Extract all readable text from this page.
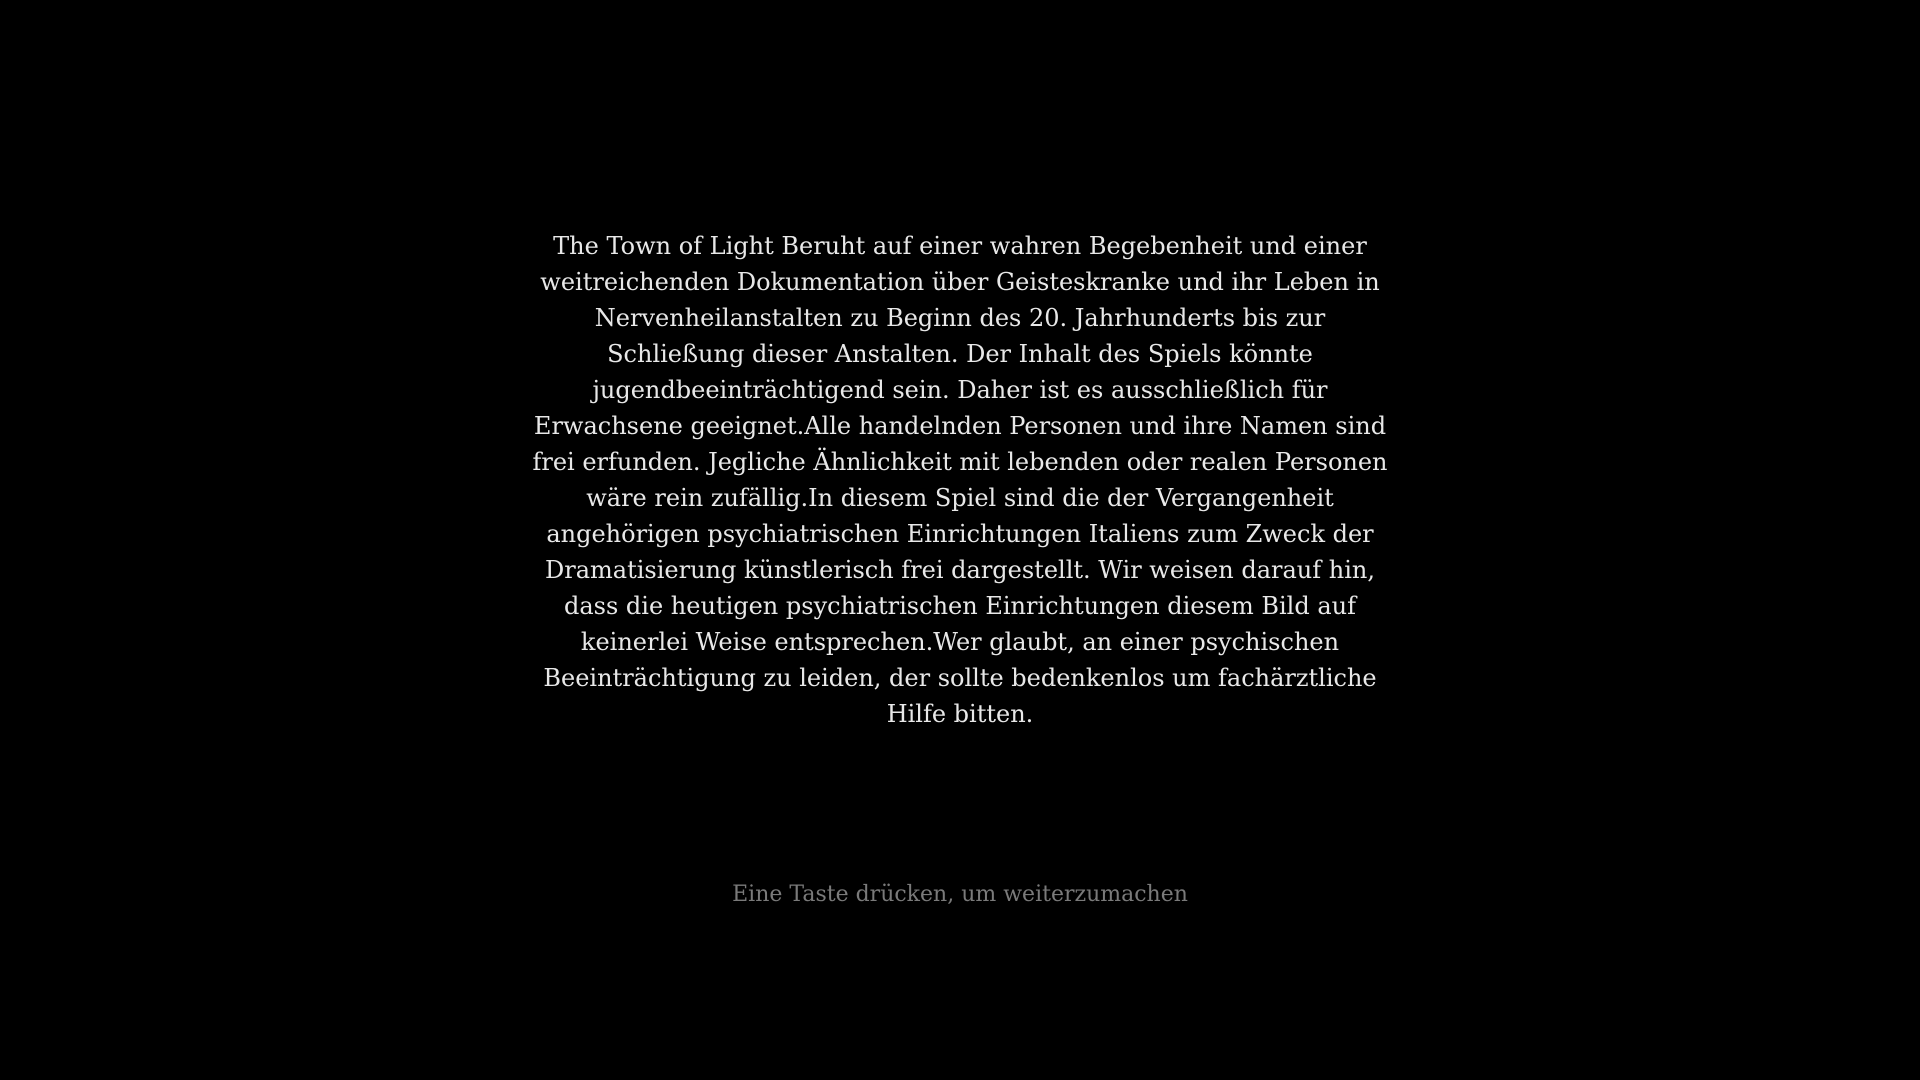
The Town of Light Beruht auf einer wahren Begebenheit und einer
weitreichenden Dokumentation über Geisteskranke und ihr Leben in
Nervenheilanstalten zu Beginn des 20. Jahrhunderts bis zur
Schließung dieser Anstalten. Der Inhalt des Spiels könnte
jugendbeeinträchtigend sein. Daher ist es ausschließlich für
Erwachsene geeignet.Alle handelnden Personen und ihre Namen sind
frei erfunden. Jegliche Ähnlichkeit mit lebenden oder realen Personen
wäre rein zufällig.In diesem Spiel sind die der Vergangenheit
angehörigen psychiatrischen Einrichtungen Italiens zum Zweck der
Dramatisierung künstlerisch frei dargestellt. Wir weisen darauf hin,
dass die heutigen psychiatrischen Einrichtungen diesem Bild auf
keinerlei Weise entsprechen.Wer glaubt, an einer psychischen
Beeinträchtigung zu leiden, der sollte bedenkenlos um fachärztliche
Hilfe bitten.
Eine Taste drücken, um weiterzumachen
